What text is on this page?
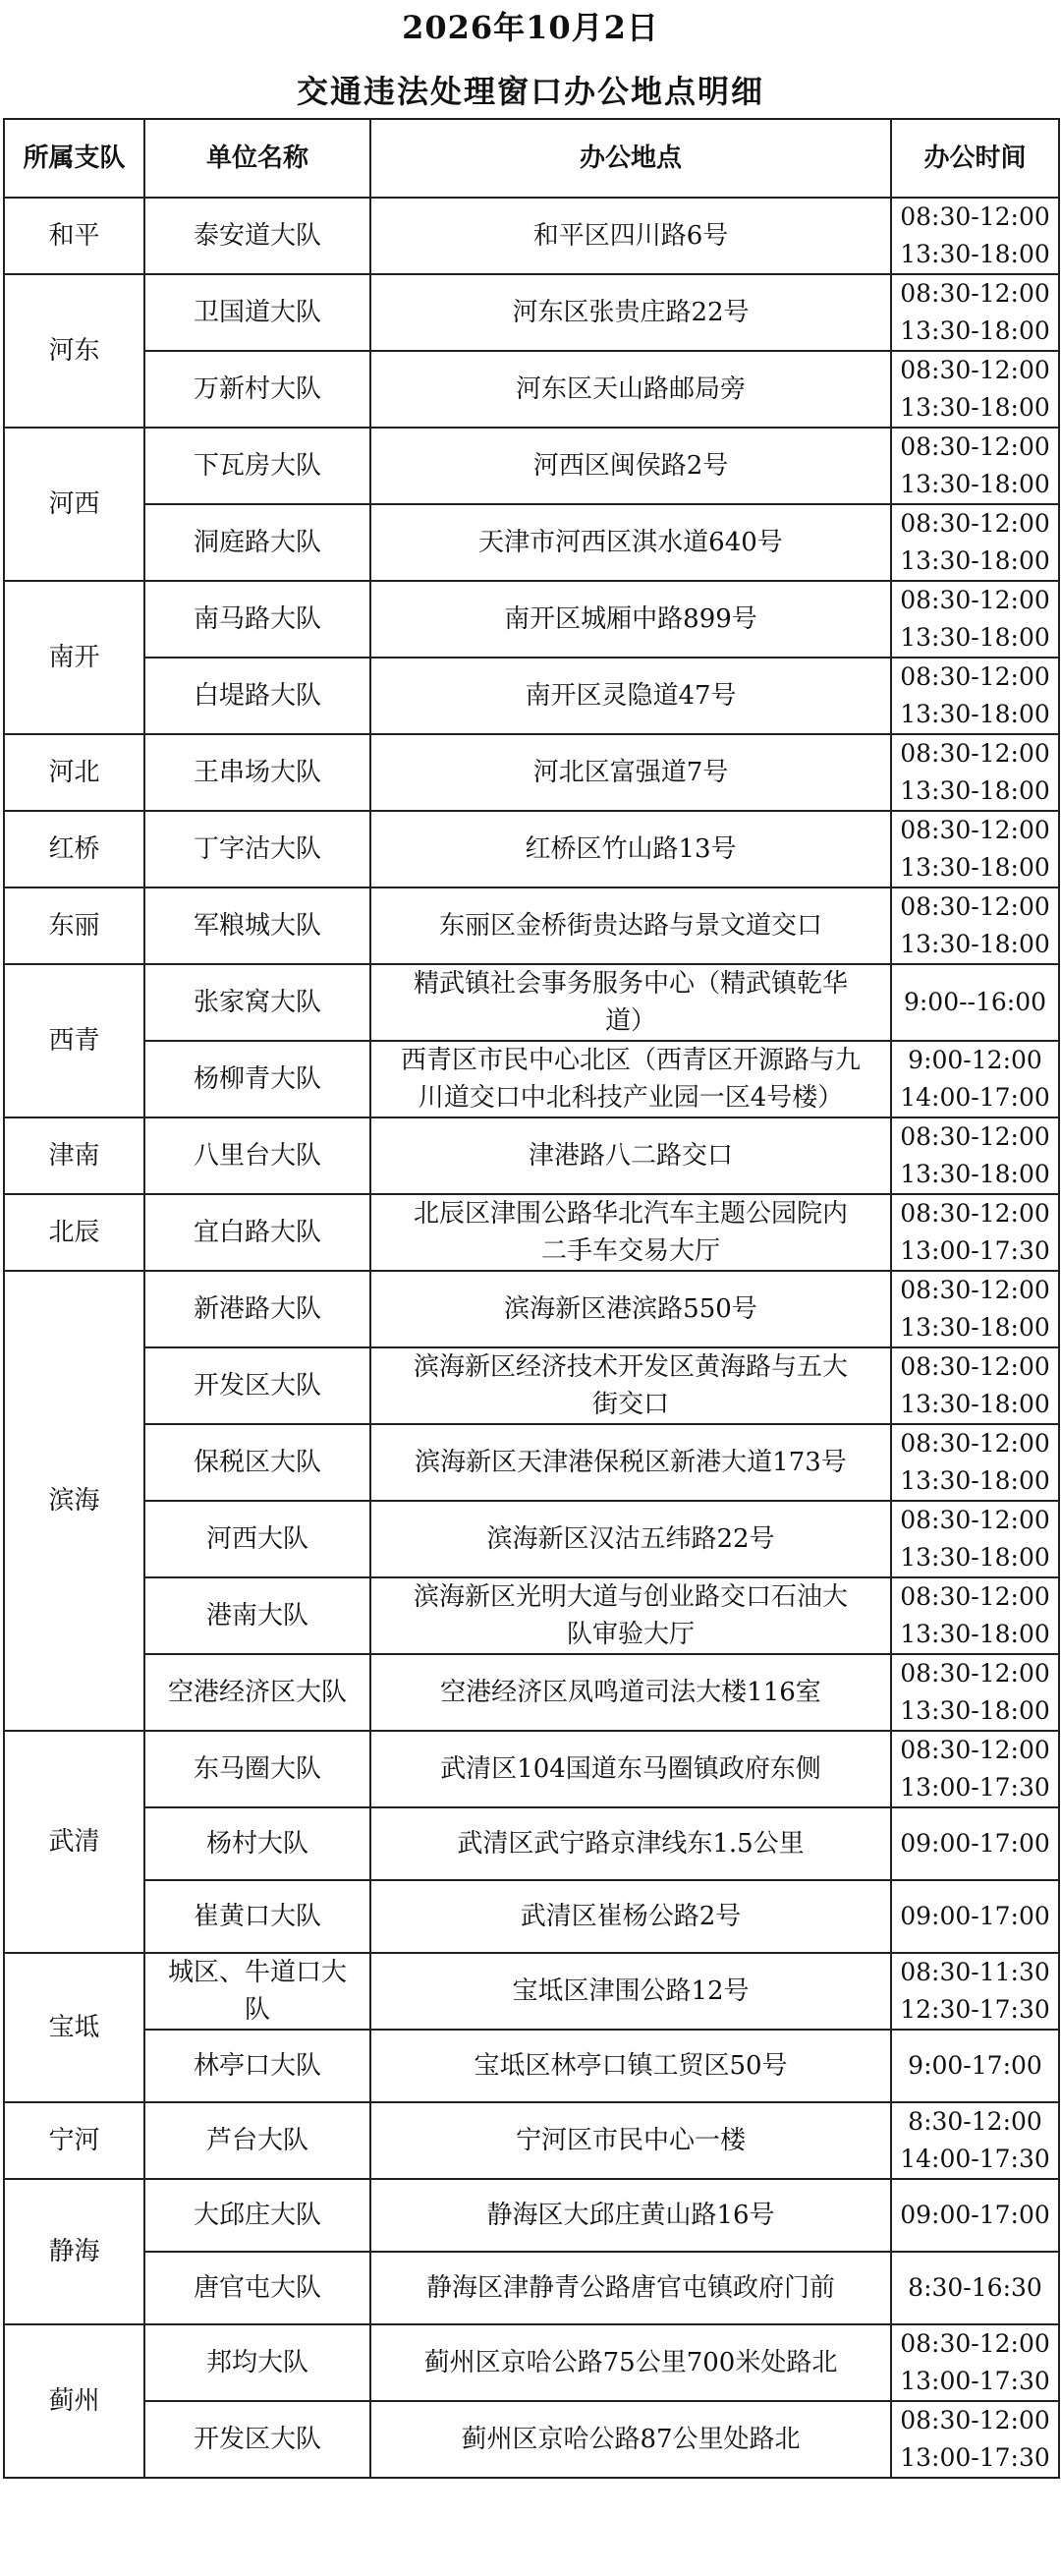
2026年10月2日
交通违法处理窗口办公地点明细
所属支队	单位名称	办公地点	办公时间
和平	泰安道大队	和平区四川路6号	08:30-12:00
13:30-18:00
河东	卫国道大队	河东区张贵庄路22号	08:30-12:00
13:30-18:00
	万新村大队	河东区天山路邮局旁	08:30-12:00
13:30-18:00
河西	下瓦房大队	河西区闽侯路2号	08:30-12:00
13:30-18:00
	洞庭路大队	天津市河西区淇水道640号	08:30-12:00
13:30-18:00
南开	南马路大队	南开区城厢中路899号	08:30-12:00
13:30-18:00
	白堤路大队	南开区灵隐道47号	08:30-12:00
13:30-18:00
河北	王串场大队	河北区富强道7号	08:30-12:00
13:30-18:00
红桥	丁字沽大队	红桥区竹山路13号	08:30-12:00
13:30-18:00
东丽	军粮城大队	东丽区金桥街贵达路与景文道交口	08:30-12:00
13:30-18:00
西青	张家窝大队	精武镇社会事务服务中心（精武镇乾华
道）	9:00--16:00
	杨柳青大队	西青区市民中心北区（西青区开源路与九
川道交口中北科技产业园一区4号楼）	9:00-12:00
14:00-17:00
津南	八里台大队	津港路八二路交口	08:30-12:00
13:30-18:00
北辰	宜白路大队	北辰区津围公路华北汽车主题公园院内
二手车交易大厅	08:30-12:00
13:00-17:30
滨海	新港路大队	滨海新区港滨路550号	08:30-12:00
13:30-18:00
	开发区大队	滨海新区经济技术开发区黄海路与五大
街交口	08:30-12:00
13:30-18:00
	保税区大队	滨海新区天津港保税区新港大道173号	08:30-12:00
13:30-18:00
	河西大队	滨海新区汉沽五纬路22号	08:30-12:00
13:30-18:00
	港南大队	滨海新区光明大道与创业路交口石油大
队审验大厅	08:30-12:00
13:30-18:00
	空港经济区大队	空港经济区凤鸣道司法大楼116室	08:30-12:00
13:30-18:00
武清	东马圈大队	武清区104国道东马圈镇政府东侧	08:30-12:00
13:00-17:30
	杨村大队	武清区武宁路京津线东1.5公里	09:00-17:00
	崔黄口大队	武清区崔杨公路2号	09:00-17:00
宝坻	城区、牛道口大
队	宝坻区津围公路12号	08:30-11:30
12:30-17:30
	林亭口大队	宝坻区林亭口镇工贸区50号	9:00-17:00
宁河	芦台大队	宁河区市民中心一楼	8:30-12:00
14:00-17:30
静海	大邱庄大队	静海区大邱庄黄山路16号	09:00-17:00
	唐官屯大队	静海区津静青公路唐官屯镇政府门前	8:30-16:30
蓟州	邦均大队	蓟州区京哈公路75公里700米处路北	08:30-12:00
13:00-17:30
	开发区大队	蓟州区京哈公路87公里处路北	08:30-12:00
13:00-17:30
